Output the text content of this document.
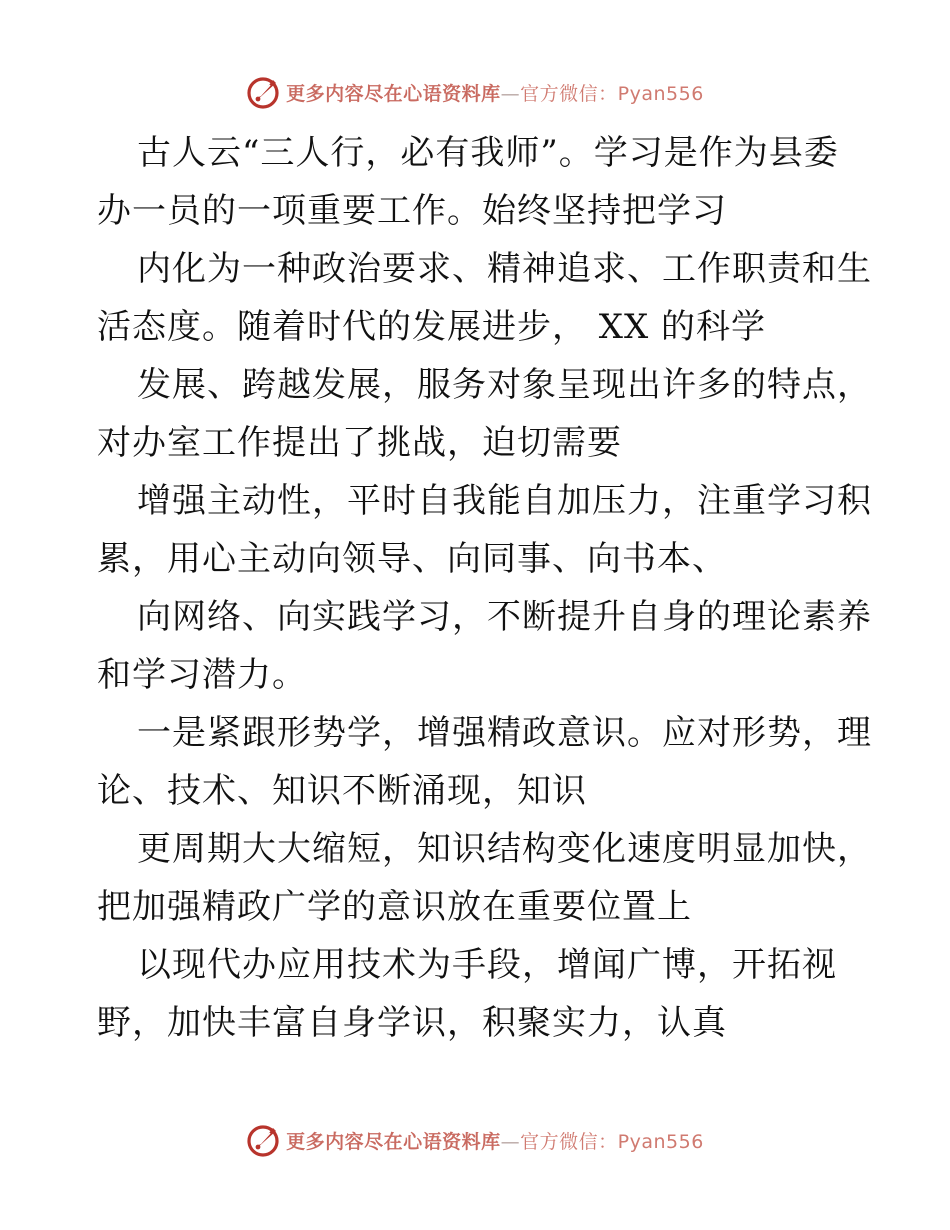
更多内容尽在心语资料库—官方微信：Pyan556
古人云“三人行，必有我师”。学习是作为县委
办一员的一项重要工作。始终坚持把学习
内化为一种政治要求、精神追求、工作职责和生
活态度。随着时代的发展进步， XX 的科学
发展、跨越发展，服务对象呈现出许多的特点，
对办室工作提出了挑战，迫切需要
增强主动性，平时自我能自加压力，注重学习积
累，用心主动向领导、向同事、向书本、
向网络、向实践学习，不断提升自身的理论素养
和学习潜力。
一是紧跟形势学，增强精政意识。应对形势，理
论、技术、知识不断涌现，知识
更周期大大缩短，知识结构变化速度明显加快，
把加强精政广学的意识放在重要位置上
以现代办应用技术为手段，增闻广博，开拓视
野，加快丰富自身学识，积聚实力，认真
更多内容尽在心语资料库—官方微信：Pyan556
